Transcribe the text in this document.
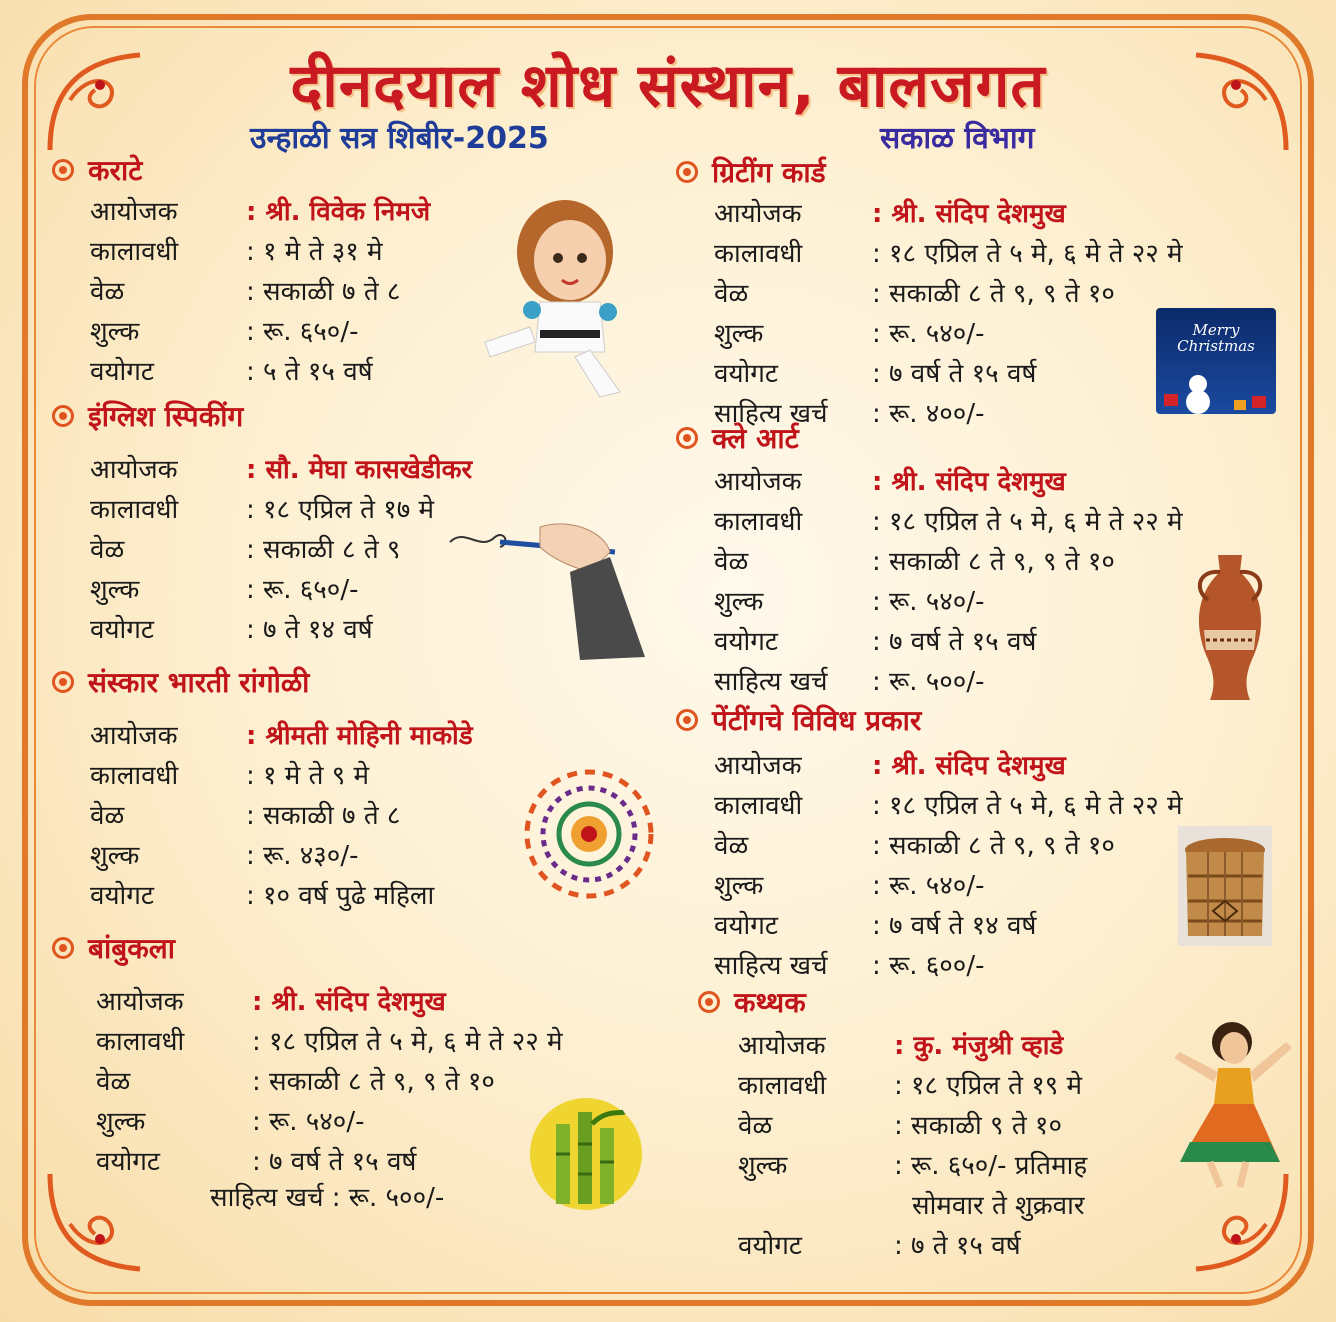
दीनदयाल शोध संस्थान, बालजगत
उन्हाळी सत्र शिबीर-2025	सकाळ विभाग
कराटे
आयोजक	: श्री. विवेक निमजे
कालावधी	: १ मे ते ३१ मे
वेळ	: सकाळी ७ ते ८
शुल्क	: रू. ६५०/-
वयोगट	: ५ ते १५ वर्ष
इंग्लिश स्पिकींग
आयोजक	: सौ. मेघा कासखेडीकर
कालावधी	: १८ एप्रिल ते १७ मे
वेळ	: सकाळी ८ ते ९
शुल्क	: रू. ६५०/-
वयोगट	: ७ ते १४ वर्ष
संस्कार भारती रांगोळी
आयोजक	: श्रीमती मोहिनी माकोडे
कालावधी	: १ मे ते ९ मे
वेळ	: सकाळी ७ ते ८
शुल्क	: रू. ४३०/-
वयोगट	: १० वर्ष पुढे महिला
बांबुकला
आयोजक	: श्री. संदिप देशमुख
कालावधी	: १८ एप्रिल ते ५ मे, ६ मे ते २२ मे
वेळ	: सकाळी ८ ते ९, ९ ते १०
शुल्क	: रू. ५४०/-
वयोगट	: ७ वर्ष ते १५ वर्ष
साहित्य खर्च : रू. ५००/-
ग्रिटींग कार्ड
आयोजक	: श्री. संदिप देशमुख
कालावधी	: १८ एप्रिल ते ५ मे, ६ मे ते २२ मे
वेळ	: सकाळी ८ ते ९, ९ ते १०
शुल्क	: रू. ५४०/-
वयोगट	: ७ वर्ष ते १५ वर्ष
साहित्य खर्च	: रू. ४००/-
Merry
Christmas
क्ले आर्ट
आयोजक	: श्री. संदिप देशमुख
कालावधी	: १८ एप्रिल ते ५ मे, ६ मे ते २२ मे
वेळ	: सकाळी ८ ते ९, ९ ते १०
शुल्क	: रू. ५४०/-
वयोगट	: ७ वर्ष ते १५ वर्ष
साहित्य खर्च	: रू. ५००/-
पेंटींगचे विविध प्रकार
आयोजक	: श्री. संदिप देशमुख
कालावधी	: १८ एप्रिल ते ५ मे, ६ मे ते २२ मे
वेळ	: सकाळी ८ ते ९, ९ ते १०
शुल्क	: रू. ५४०/-
वयोगट	: ७ वर्ष ते १४ वर्ष
साहित्य खर्च	: रू. ६००/-
कथ्थक
आयोजक	: कु. मंजुश्री व्हाडे
कालावधी	: १८ एप्रिल ते १९ मे
वेळ	: सकाळी ९ ते १०
शुल्क	: रू. ६५०/- प्रतिमाह
सोमवार ते शुक्रवार
वयोगट	: ७ ते १५ वर्ष
